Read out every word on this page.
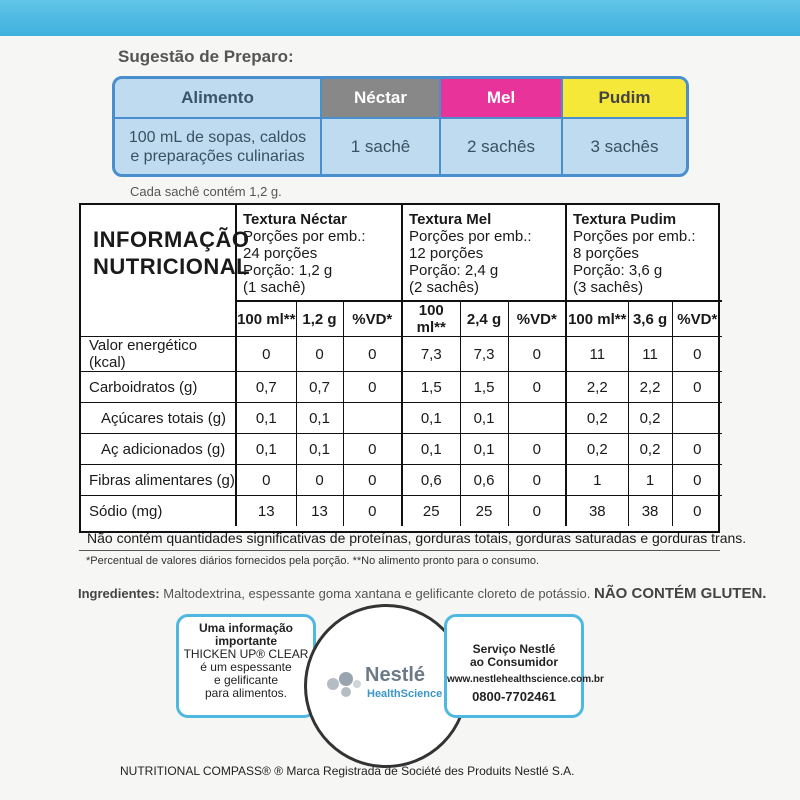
Sugestão de Preparo:
Alimento	Néctar	Mel	Pudim
100 mL de sopas, caldos
e preparações culinarias	1 sachê	2 sachês	3 sachês
Cada sachê contém 1,2 g.
INFORMAÇÃO
NUTRICIONAL	Textura Néctar
Porções por emb.:
24 porções
Porção: 1,2 g
(1 sachê)			Textura Mel
Porções por emb.:
12 porções
Porção: 2,4 g
(2 sachês)			Textura Pudim
Porções por emb.:
8 porções
Porção: 3,6 g
(3 sachês)		

	100 ml**	1,2 g	%VD*	100 ml**	2,4 g	%VD*	100 ml**	3,6 g	%VD*
Valor energético (kcal)	0	0	0	7,3	7,3	0	11	11	0
Carboidratos (g)	0,7	0,7	0	1,5	1,5	0	2,2	2,2	0
Açúcares totais (g)	0,1	0,1		0,1	0,1		0,2	0,2	
Aç adicionados (g)	0,1	0,1	0	0,1	0,1	0	0,2	0,2	0
Fibras alimentares (g)	0	0	0	0,6	0,6	0	1	1	0
Sódio (mg)	13	13	0	25	25	0	38	38	0
Não contém quantidades significativas de proteínas, gorduras totais, gorduras saturadas e gorduras trans.
*Percentual de valores diários fornecidos pela porção. **No alimento pronto para o consumo.
Ingredientes: Maltodextrina, espessante goma xantana e gelificante cloreto de potássio. NÃO CONTÉM GLUTEN.
Uma informação
importante
THICKEN UP® CLEAR
é um espessante
e gelificante
para alimentos.
Nestlé
HealthScience
Serviço Nestlé
ao Consumidor
www.nestlehealthscience.com.br
0800-7702461
NUTRITIONAL COMPASS® ® Marca Registrada de Société des Produits Nestlé S.A.
